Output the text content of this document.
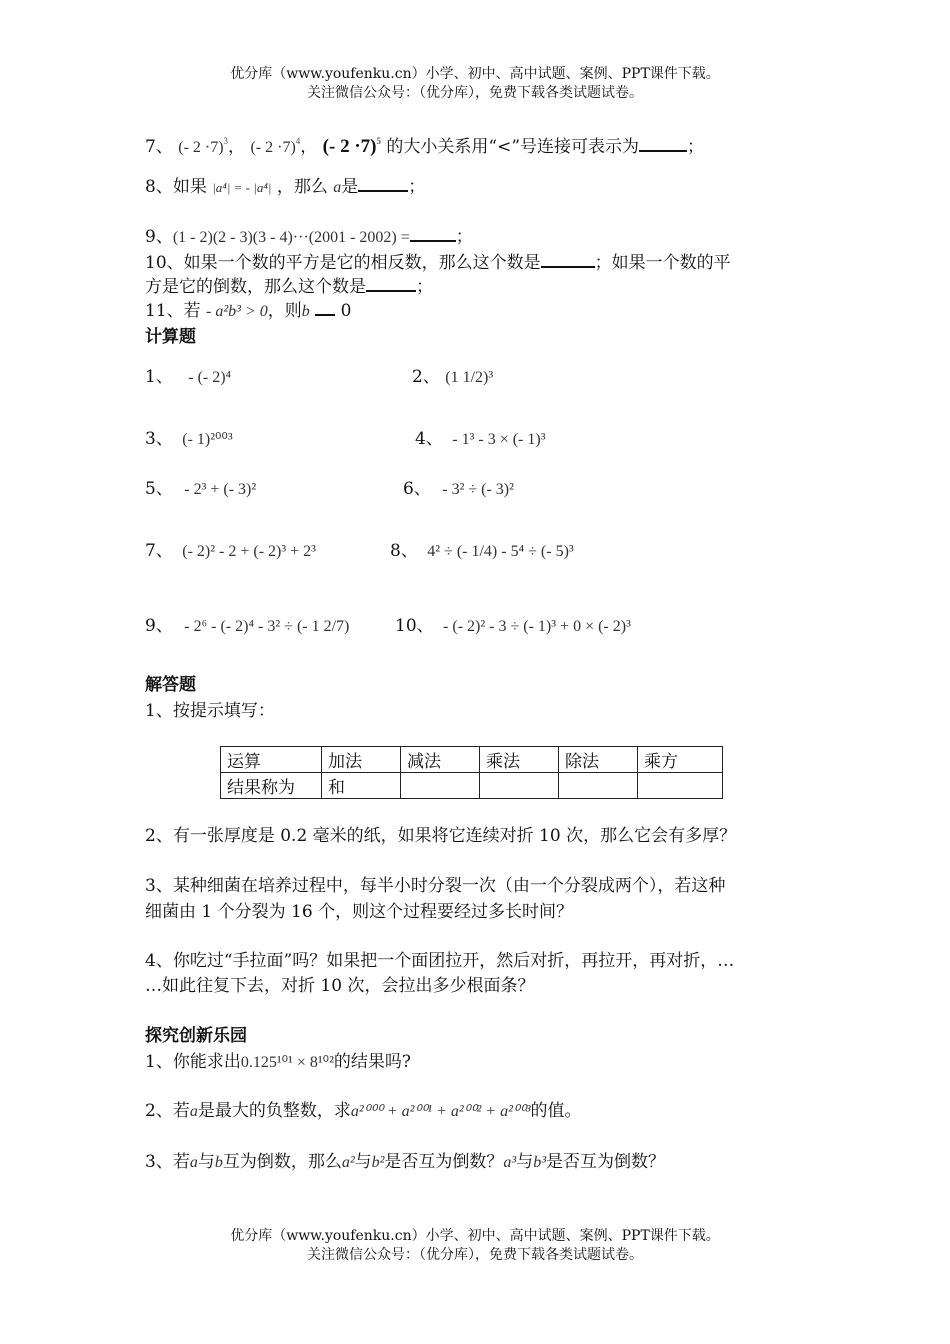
优分库（www.youfenku.cn）小学、初中、高中试题、案例、PPT课件下载。
关注微信公众号：（优分库），免费下载各类试题试卷。
7、 (- 2 ·7)$^3$， (- 2 ·7)$^4$， (- 2 ·7)$^5$ 的大小关系用“<”号连接可表示为	；
8、如果 |a⁴| = - |a⁴| ，那么 a是	；
9、(1 - 2)(2 - 3)(3 - 4)···(2001 - 2002) =	；
10、如果一个数的平方是它的相反数，那么这个数是	；如果一个数的平
方是它的倒数，那么这个数是	；
11、若 - a²b³ > 0，则b 0
计算题
1、 - (- 2)⁴	2、 (1 1/2)³
3、 (- 1)²⁰⁰³	4、 - 1³ - 3 × (- 1)³
5、 - 2³ + (- 3)²	6、 - 3² ÷ (- 3)²
7、 (- 2)² - 2 + (- 2)³ + 2³	8、 4² ÷ (- 1/4) - 5⁴ ÷ (- 5)³
9、 - 2⁶ - (- 2)⁴ - 3² ÷ (- 1 2/7)	10、 - (- 2)² - 3 ÷ (- 1)³ + 0 × (- 2)³
解答题
1、按提示填写：
运算	加法	减法	乘法	除法	乘方
结果称为	和				
2、有一张厚度是 0.2 毫米的纸，如果将它连续对折 10 次，那么它会有多厚？
3、某种细菌在培养过程中，每半小时分裂一次（由一个分裂成两个），若这种
细菌由 1 个分裂为 16 个，则这个过程要经过多长时间？
4、你吃过“手拉面”吗？如果把一个面团拉开，然后对折，再拉开，再对折，…
…如此往复下去，对折 10 次，会拉出多少根面条？
探究创新乐园
1、你能求出0.125¹⁰¹ × 8¹⁰²的结果吗?
2、若a是最大的负整数，求a²⁰⁰⁰ + a²⁰⁰¹ + a²⁰⁰² + a²⁰⁰³的值。
3、若a与b互为倒数，那么a²与b²是否互为倒数？a³与b³是否互为倒数？
优分库（www.youfenku.cn）小学、初中、高中试题、案例、PPT课件下载。
关注微信公众号：（优分库），免费下载各类试题试卷。
